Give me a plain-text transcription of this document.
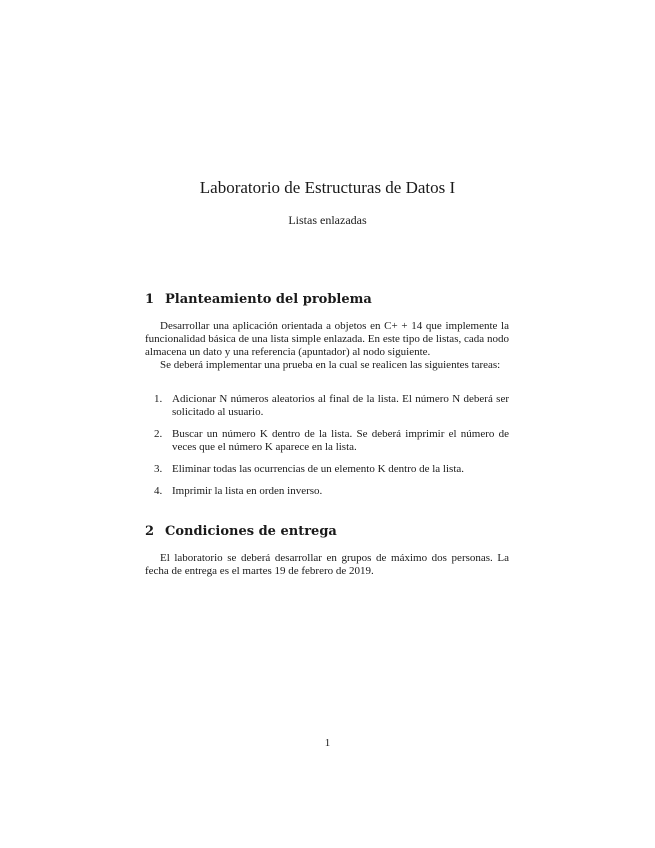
Laboratorio de Estructuras de Datos I
Listas enlazadas
1 Planteamiento del problema

Desarrollar una aplicación orientada a objetos en C+ + 14 que implemente la funcionalidad básica de una lista simple enlazada. En este tipo de listas, cada nodo almacena un dato y una referencia (apuntador) al nodo siguiente.

Se deberá implementar una prueba en la cual se realicen las siguientes tareas:

1. Adicionar N números aleatorios al final de la lista. El número N deberá ser solicitado al usuario.
2. Buscar un número K dentro de la lista. Se deberá imprimir el número de veces que el número K aparece en la lista.
3. Eliminar todas las ocurrencias de un elemento K dentro de la lista.
4. Imprimir la lista en orden inverso.
2 Condiciones de entrega

El laboratorio se deberá desarrollar en grupos de máximo dos personas. La fecha de entrega es el martes 19 de febrero de 2019.

1
